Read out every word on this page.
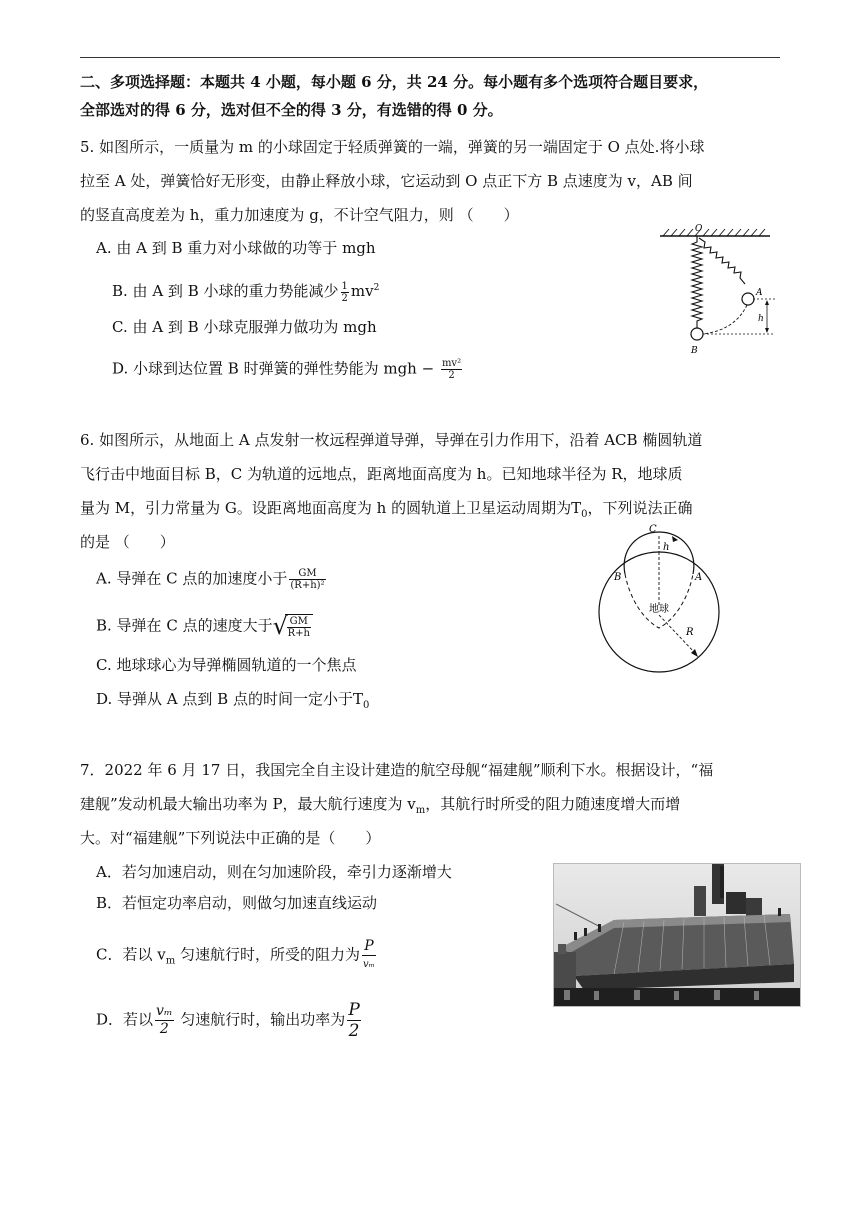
二、多项选择题：本题共 4 小题，每小题 6 分，共 24 分。每小题有多个选项符合题目要求，
全部选对的得 6 分，选对但不全的得 3 分，有选错的得 0 分。
5. 如图所示，一质量为 m 的小球固定于轻质弹簧的一端，弹簧的另一端固定于 O 点处.将小球
拉至 A 处，弹簧恰好无形变，由静止释放小球，它运动到 O 点正下方 B 点速度为 v，AB 间
的竖直高度差为 h，重力加速度为 g，不计空气阻力，则 （　　）
A. 由 A 到 B 重力对小球做的功等于 mgh
B. 由 A 到 B 小球的重力势能减少 $\frac{1}{2} mv^2$
C. 由 A 到 B 小球克服弹力做功为 mgh
D. 小球到达位置 B 时弹簧的弹性势能为 mgh − $\frac{\text{mv²}}{2}$
O
B
A
h
6. 如图所示，从地面上 A 点发射一枚远程弹道导弹，导弹在引力作用下，沿着 ACB 椭圆轨道
飞行击中地面目标 B，C 为轨道的远地点，距离地面高度为 h。已知地球半径为 R，地球质
量为 M，引力常量为 G。设距离地面高度为 h 的圆轨道上卫星运动周期为$T_0$，下列说法正确
的是 （　　）
A. 导弹在 C 点的加速度小于 $\frac{GM}{\text{(R+h)²}}$
B. 导弹在 C 点的速度大于 √
$\frac{GM}{R+h}$
C. 地球球心为导弹椭圆轨道的一个焦点
D. 导弹从 A 点到 B 点的时间一定小于$T_0$
C
h
B	A
地球
R
7．2022 年 6 月 17 日，我国完全自主设计建造的航空母舰“福建舰”顺利下水。根据设计，“福
建舰”发动机最大输出功率为 P，最大航行速度为 $v_m$，其航行时所受的阻力随速度增大而增
大。对“福建舰”下列说法中正确的是（　　）
A．若匀加速启动，则在匀加速阶段，牵引力逐渐增大
B．若恒定功率启动，则做匀加速直线运动
C．若以 $v_m$ 匀速航行时，所受的阻力为 $\frac{P}{\text{vₘ}}$
D．若以 $\frac{\text{vₘ}}{2}$ 匀速航行时，输出功率为 $\frac{P}{2}$
